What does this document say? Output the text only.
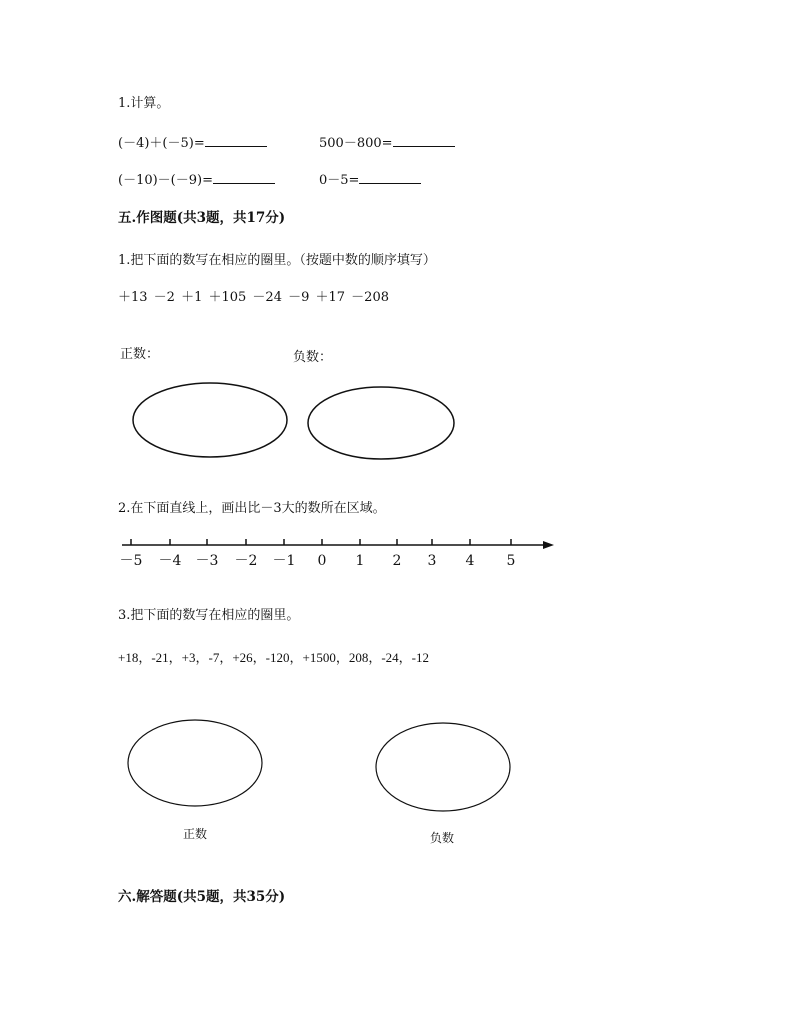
1.计算。
(－4)＋(－5)=	500－800=
(－10)－(－9)=	0－5=
五.作图题(共3题，共17分)
1.把下面的数写在相应的圈里。（按题中数的顺序填写）
＋13 －2 ＋1 ＋105 －24 －9 ＋17 －208
正数：	负数：
2.在下面直线上，画出比－3大的数所在区域。
－5 －4 －3 －2 －1 0 1 2 3 4 5
3.把下面的数写在相应的圈里。
+18，-21，+3，-7，+26，-120，+1500，208，-24，-12
正数	负数
六.解答题(共5题，共35分)
